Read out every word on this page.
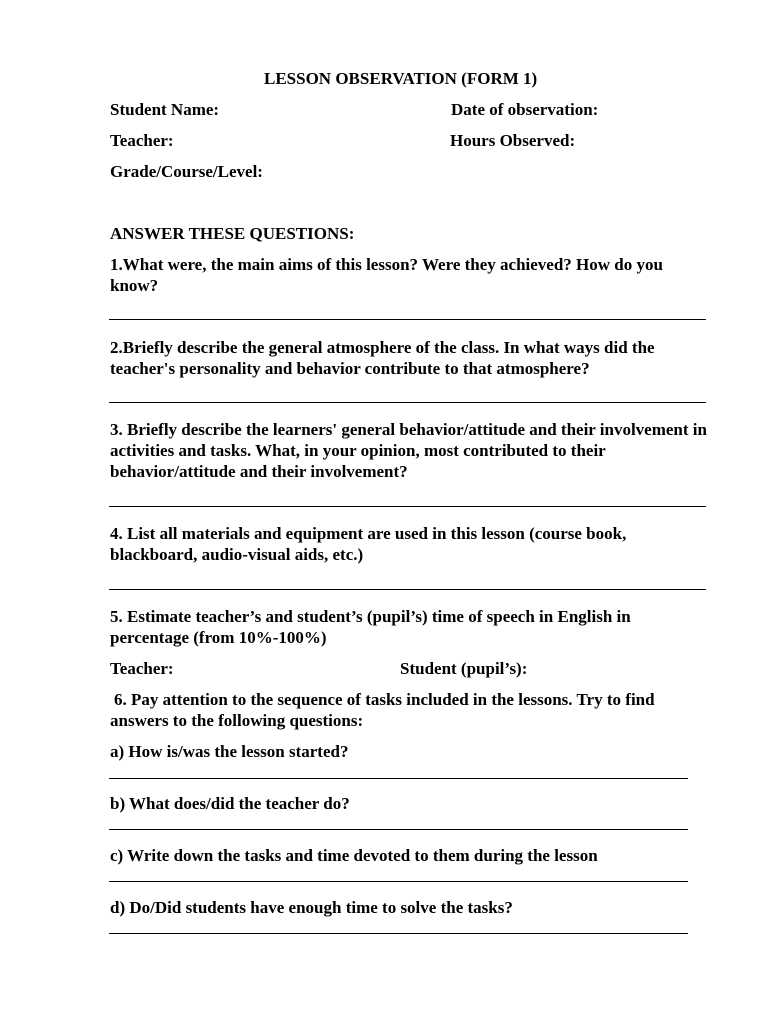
LESSON OBSERVATION (FORM 1)
Student Name:	Date of observation:
Teacher:	Hours Observed:
Grade/Course/Level:
ANSWER THESE QUESTIONS:
1.What were, the main aims of this lesson? Were they achieved? How do you know?
2.Briefly describe the general atmosphere of the class. In what ways did the teacher's personality and behavior contribute to that atmosphere?
3. Briefly describe the learners' general behavior/attitude and their involvement in activities and tasks. What, in your opinion, most contributed to their behavior/attitude and their involvement?
4. List all materials and equipment are used in this lesson (course book, blackboard, audio-visual aids, etc.)
5. Estimate teacher’s and student’s (pupil’s) time of speech in English in percentage (from 10%-100%)
Teacher:	Student (pupil’s):
6. Pay attention to the sequence of tasks included in the lessons. Try to find answers to the following questions:
a) How is/was the lesson started?
b) What does/did the teacher do?
c) Write down the tasks and time devoted to them during the lesson
d) Do/Did students have enough time to solve the tasks?
